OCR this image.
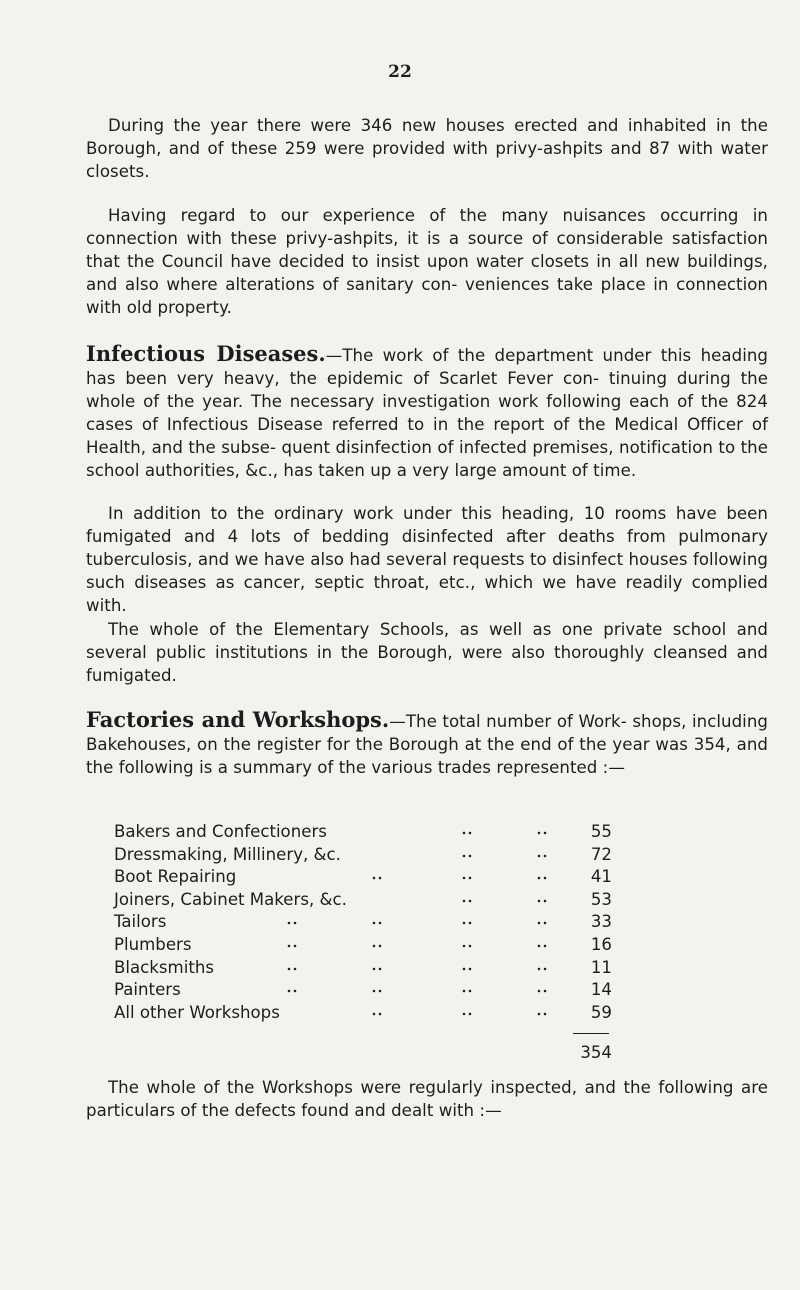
22

During the year there were 346 new houses erected and inhabited in the Borough, and of these 259 were provided with privy-ashpits and 87 with water closets.

Having regard to our experience of the many nuisances occurring in connection with these privy-ashpits, it is a source of considerable satisfaction that the Council have decided to insist upon water closets in all new buildings, and also where alterations of sanitary con- veniences take place in connection with old property.

Infectious Diseases.—The work of the department under this heading has been very heavy, the epidemic of Scarlet Fever con- tinuing during the whole of the year. The necessary investigation work following each of the 824 cases of Infectious Disease referred to in the report of the Medical Officer of Health, and the subse- quent disinfection of infected premises, notification to the school authorities, &c., has taken up a very large amount of time.

In addition to the ordinary work under this heading, 10 rooms have been fumigated and 4 lots of bedding disinfected after deaths from pulmonary tuberculosis, and we have also had several requests to disinfect houses following such diseases as cancer, septic throat, etc., which we have readily complied with.

The whole of the Elementary Schools, as well as one private school and several public institutions in the Borough, were also thoroughly cleansed and fumigated.

Factories and Workshops.—The total number of Work- shops, including Bakehouses, on the register for the Borough at the end of the year was 354, and the following is a summary of the various trades represented :—

Bakers and Confectioners	55
Dressmaking, Millinery, &c.	72
Boot Repairing	41
Joiners, Cabinet Makers, &c.	53
Tailors	33
Plumbers	16
Blacksmiths	11
Painters	14
All other Workshops	59
354

The whole of the Workshops were regularly inspected, and the following are particulars of the defects found and dealt with :—
